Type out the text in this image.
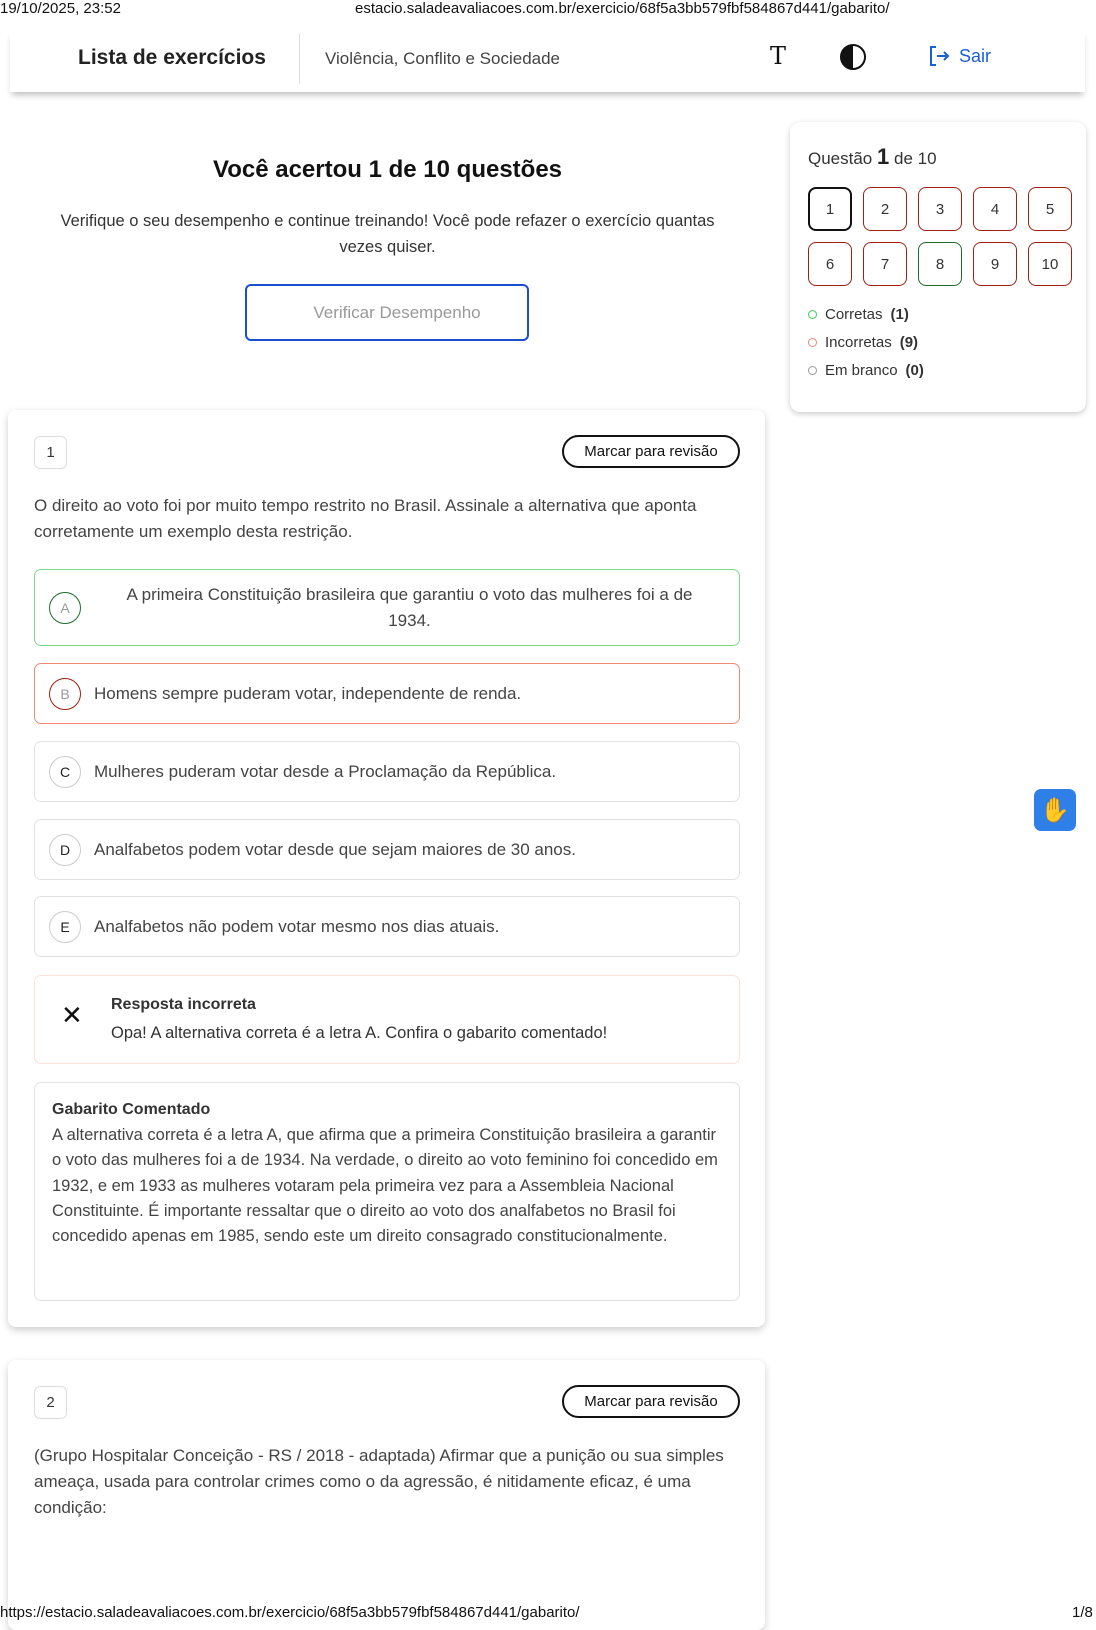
19/10/2025, 23:52	estacio.saladeavaliacoes.com.br/exercicio/68f5a3bb579fbf584867d441/gabarito/
Lista de exercícios	Violência, Conflito e Sociedade	T	Sair
Você acertou 1 de 10 questões
Verifique o seu desempenho e continue treinando! Você pode refazer o exercício quantas vezes quiser.
Verificar Desempenho
Questão 1 de 10
1	2	3	4	5
6	7	8	9	10
Corretas (1)
Incorretas (9)
Em branco (0)
1	Marcar para revisão
O direito ao voto foi por muito tempo restrito no Brasil. Assinale a alternativa que aponta corretamente um exemplo desta restrição.
A
A primeira Constituição brasileira que garantiu o voto das mulheres foi a de 1934.
B	Homens sempre puderam votar, independente de renda.
C	Mulheres puderam votar desde a Proclamação da República.
D	Analfabetos podem votar desde que sejam maiores de 30 anos.
E	Analfabetos não podem votar mesmo nos dias atuais.
✕ Resposta incorreta
Opa! A alternativa correta é a letra A. Confira o gabarito comentado!
Gabarito Comentado
A alternativa correta é a letra A, que afirma que a primeira Constituição brasileira a garantir o voto das mulheres foi a de 1934. Na verdade, o direito ao voto feminino foi concedido em 1932, e em 1933 as mulheres votaram pela primeira vez para a Assembleia Nacional Constituinte. É importante ressaltar que o direito ao voto dos analfabetos no Brasil foi concedido apenas em 1985, sendo este um direito consagrado constitucionalmente.
2	Marcar para revisão
(Grupo Hospitalar Conceição - RS / 2018 - adaptada) Afirmar que a punição ou sua simples ameaça, usada para controlar crimes como o da agressão, é nitidamente eficaz, é uma condição:
✋
https://estacio.saladeavaliacoes.com.br/exercicio/68f5a3bb579fbf584867d441/gabarito/	1/8
